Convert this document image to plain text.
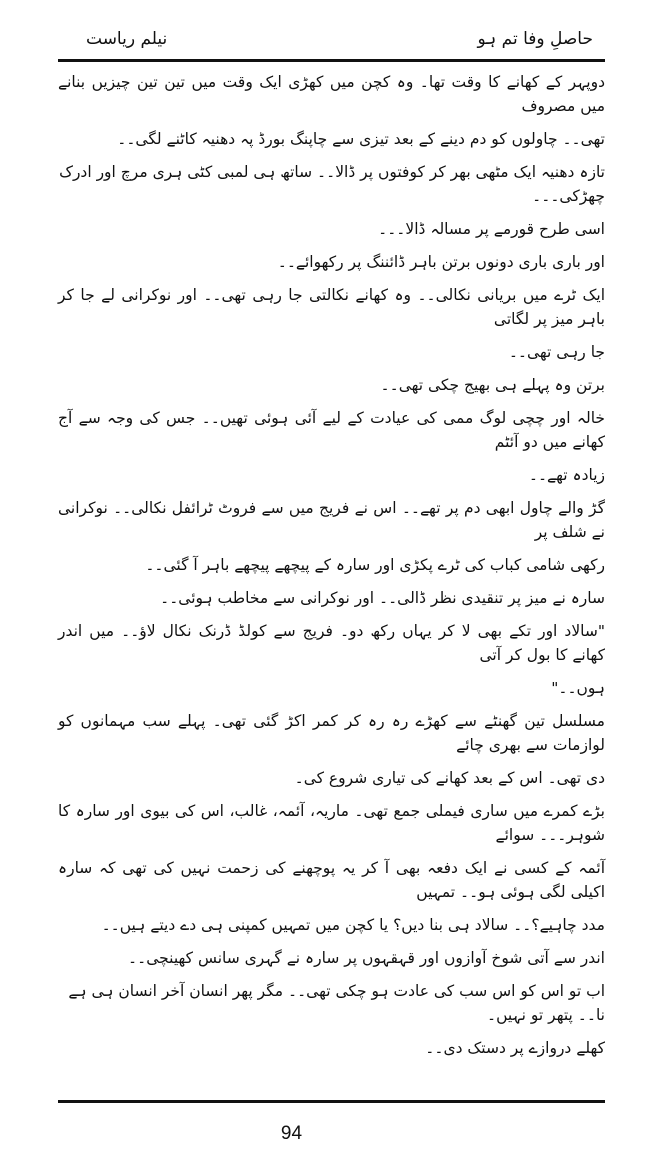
حاصلِ وفا تم ہو
نیلم ریاست
دوپہر کے کھانے کا وقت تھا۔ وہ کچن میں کھڑی ایک وقت میں تین تین چیزیں بنانے میں مصروف
تھی۔۔ چاولوں کو دم دینے کے بعد تیزی سے چاپنگ بورڈ پہ دھنیہ کاٹنے لگی۔۔
تازہ دھنیہ ایک مٹھی بھر کر کوفتوں پر ڈالا۔۔ ساتھ ہی لمبی کٹی ہری مرچ اور ادرک چھڑکی۔۔۔
اسی طرح قورمے پر مسالہ ڈالا۔۔۔
اور باری باری دونوں برتن باہر ڈائننگ پر رکھوائے۔۔
ایک ٹرے میں بریانی نکالی۔۔ وہ کھانے نکالتی جا رہی تھی۔۔ اور نوکرانی لے جا کر باہر میز پر لگاتی
جا رہی تھی۔۔
برتن وہ پہلے ہی بھیج چکی تھی۔۔
خالہ اور چچی لوگ ممی کی عیادت کے لیے آئی ہوئی تھیں۔۔ جس کی وجہ سے آج کھانے میں دو آئٹم
زیادہ تھے۔۔
گڑ والے چاول ابھی دم پر تھے۔۔ اس نے فریج میں سے فروٹ ٹرائفل نکالی۔۔ نوکرانی نے شلف پر
رکھی شامی کباب کی ٹرے پکڑی اور سارہ کے پیچھے پیچھے باہر آ گئی۔۔
سارہ نے میز پر تنقیدی نظر ڈالی۔۔ اور نوکرانی سے مخاطب ہوئی۔۔
"سالاد اور تکے بھی لا کر یہاں رکھ دو۔ فریج سے کولڈ ڈرنک نکال لاؤ۔۔ میں اندر کھانے کا بول کر آتی
ہوں۔۔"
مسلسل تین گھنٹے سے کھڑے رہ رہ کر کمر اکڑ گئی تھی۔ پہلے سب مہمانوں کو لوازمات سے بھری چائے
دی تھی۔ اس کے بعد کھانے کی تیاری شروع کی۔
بڑے کمرے میں ساری فیملی جمع تھی۔ ماریہ، آئمہ، غالب، اس کی بیوی اور سارہ کا شوہر۔۔۔ سوائے
آئمہ کے کسی نے ایک دفعہ بھی آ کر یہ پوچھنے کی زحمت نہیں کی تھی کہ سارہ اکیلی لگی ہوئی ہو۔۔ تمہیں
مدد چاہیے؟۔۔ سالاد ہی بنا دیں؟ یا کچن میں تمہیں کمپنی ہی دے دیتے ہیں۔۔
اندر سے آتی شوخ آوازوں اور قہقہوں پر سارہ نے گہری سانس کھینچی۔۔
اب تو اس کو اس سب کی عادت ہو چکی تھی۔۔ مگر پھر انسان آخر انسان ہی ہے نا۔۔ پتھر تو نہیں۔
کھلے دروازے پر دستک دی۔۔
94
